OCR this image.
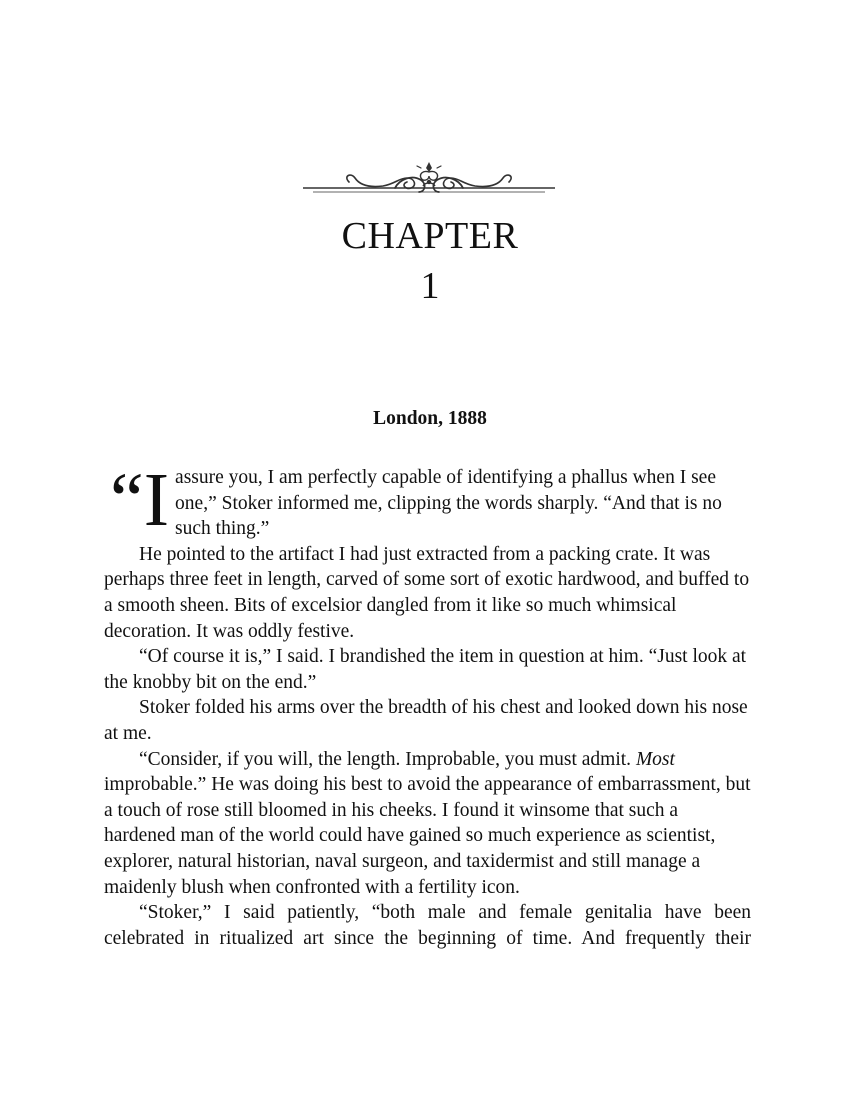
CHAPTER
1
London, 1888

“Iassure you, I am perfectly capable of identifying a phallus when I see one,” Stoker informed me, clipping the words sharply. “And that is no such thing.”

He pointed to the artifact I had just extracted from a packing crate. It was perhaps three feet in length, carved of some sort of exotic hardwood, and buffed to a smooth sheen. Bits of excelsior dangled from it like so much whimsical decoration. It was oddly festive.

“Of course it is,” I said. I brandished the item in question at him. “Just look at the knobby bit on the end.”

Stoker folded his arms over the breadth of his chest and looked down his nose at me.

“Consider, if you will, the length. Improbable, you must admit. Most improbable.” He was doing his best to avoid the appearance of embarrassment, but a touch of rose still bloomed in his cheeks. I found it winsome that such a hardened man of the world could have gained so much experience as scientist, explorer, natural historian, naval surgeon, and taxidermist and still manage a maidenly blush when confronted with a fertility icon.

“Stoker,” I said patiently, “both male and female genitalia have been celebrated in ritualized art since the beginning of time. And frequently their
